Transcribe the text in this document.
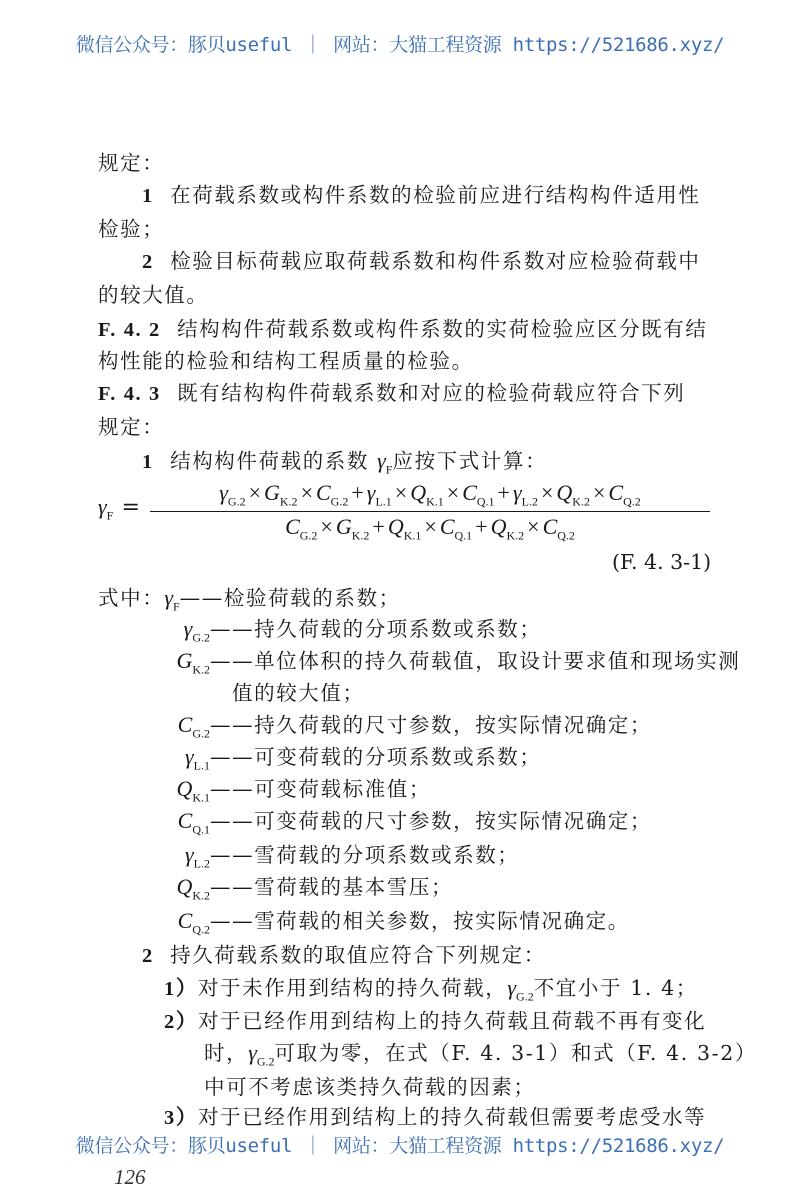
微信公众号：豚贝useful ｜ 网站：大猫工程资源 https://521686.xyz/
规定：
1 在荷载系数或构件系数的检验前应进行结构构件适用性
检验；
2 检验目标荷载应取荷载系数和构件系数对应检验荷载中
的较大值。
F. 4. 2 结构构件荷载系数或构件系数的实荷检验应区分既有结
构性能的检验和结构工程质量的检验。
F. 4. 3 既有结构构件荷载系数和对应的检验荷载应符合下列
规定：
1 结构构件荷载的系数 $\gamma_F$应按下式计算：
$\gamma_F = \frac{\gamma_{G.2} \times G_{K.2} \times C_{G.2} + \gamma_{L.1} \times Q_{K.1} \times C_{Q.1} + \gamma_{L.2} \times Q_{K.2} \times C_{Q.2}}{C_{G.2} \times G_{K.2} + Q_{K.1} \times C_{Q.1} + Q_{K.2} \times C_{Q.2}}$
(F. 4. 3-1)
式中：$\gamma_F——$检验荷载的系数；
$\gamma_{G.2}——$持久荷载的分项系数或系数；
$G_{K.2}——$单位体积的持久荷载值，取设计要求值和现场实测
$C_{G.2}——$持久荷载的尺寸参数，按实际情况确定；
$\gamma_{L.1}——$可变荷载的分项系数或系数；
$Q_{K.1}——$可变荷载标准值；
$C_{Q.1}——$可变荷载的尺寸参数，按实际情况确定；
$\gamma_{L.2}——$雪荷载的分项系数或系数；
$Q_{K.2}——$雪荷载的基本雪压；
$C_{Q.2}——$雪荷载的相关参数，按实际情况确定。
值的较大值；
2 持久荷载系数的取值应符合下列规定：
1）对于未作用到结构的持久荷载，$\gamma_{G.2}$不宜小于 1. 4；
2）对于已经作用到结构上的持久荷载且荷载不再有变化
时，$\gamma_{G.2}$可取为零，在式（F. 4. 3-1）和式（F. 4. 3-2）
中可不考虑该类持久荷载的因素；
3）对于已经作用到结构上的持久荷载但需要考虑受水等
微信公众号：豚贝useful ｜ 网站：大猫工程资源 https://521686.xyz/
126
